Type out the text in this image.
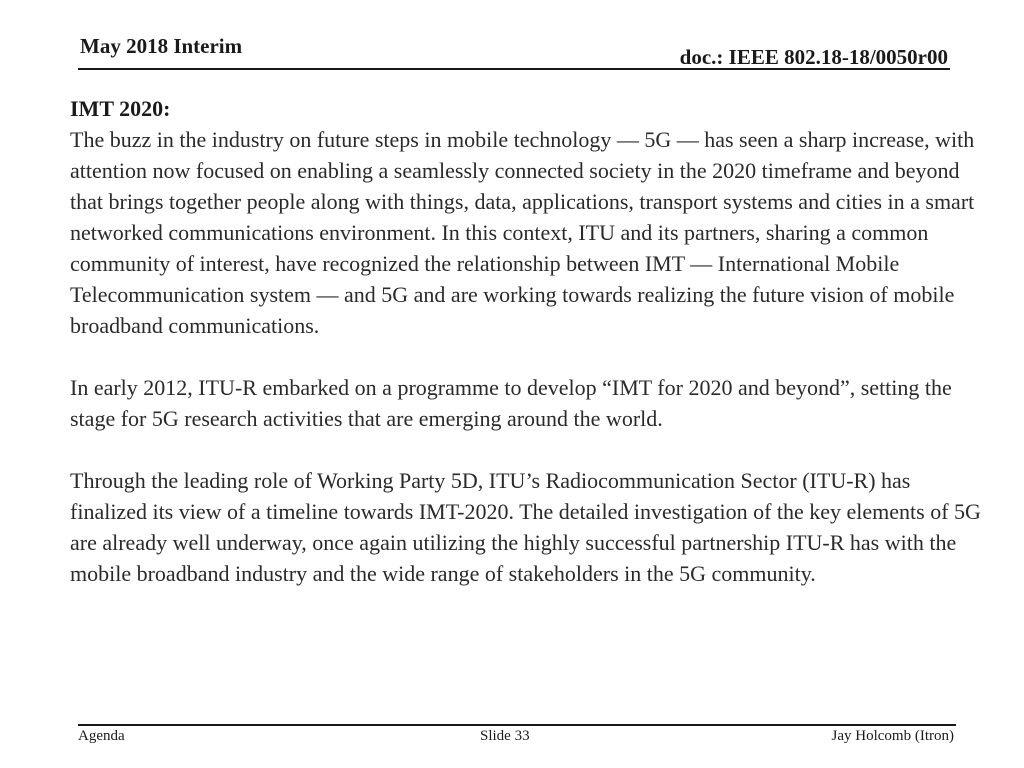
May 2018 Interim	doc.: IEEE 802.18-18/0050r00

IMT 2020:
The buzz in the industry on future steps in mobile technology — 5G — has seen a sharp increase, with attention now focused on enabling a seamlessly connected society in the 2020 timeframe and beyond that brings together people along with things, data, applications, transport systems and cities in a smart networked communications environment. In this context, ITU and its partners, sharing a common community of interest, have recognized the relationship between IMT — International Mobile Telecommunication system — and 5G and are working towards realizing the future vision of mobile broadband communications.

In early 2012, ITU-R embarked on a programme to develop “IMT for 2020 and beyond”, setting the stage for 5G research activities that are emerging around the world.

Through the leading role of Working Party 5D, ITU’s Radiocommunication Sector (ITU-R) has finalized its view of a timeline towards IMT-2020. The detailed investigation of the key elements of 5G are already well underway, once again utilizing the highly successful partnership ITU-R has with the mobile broadband industry and the wide range of stakeholders in the 5G community.

Agenda	Slide 33	Jay Holcomb (Itron)
